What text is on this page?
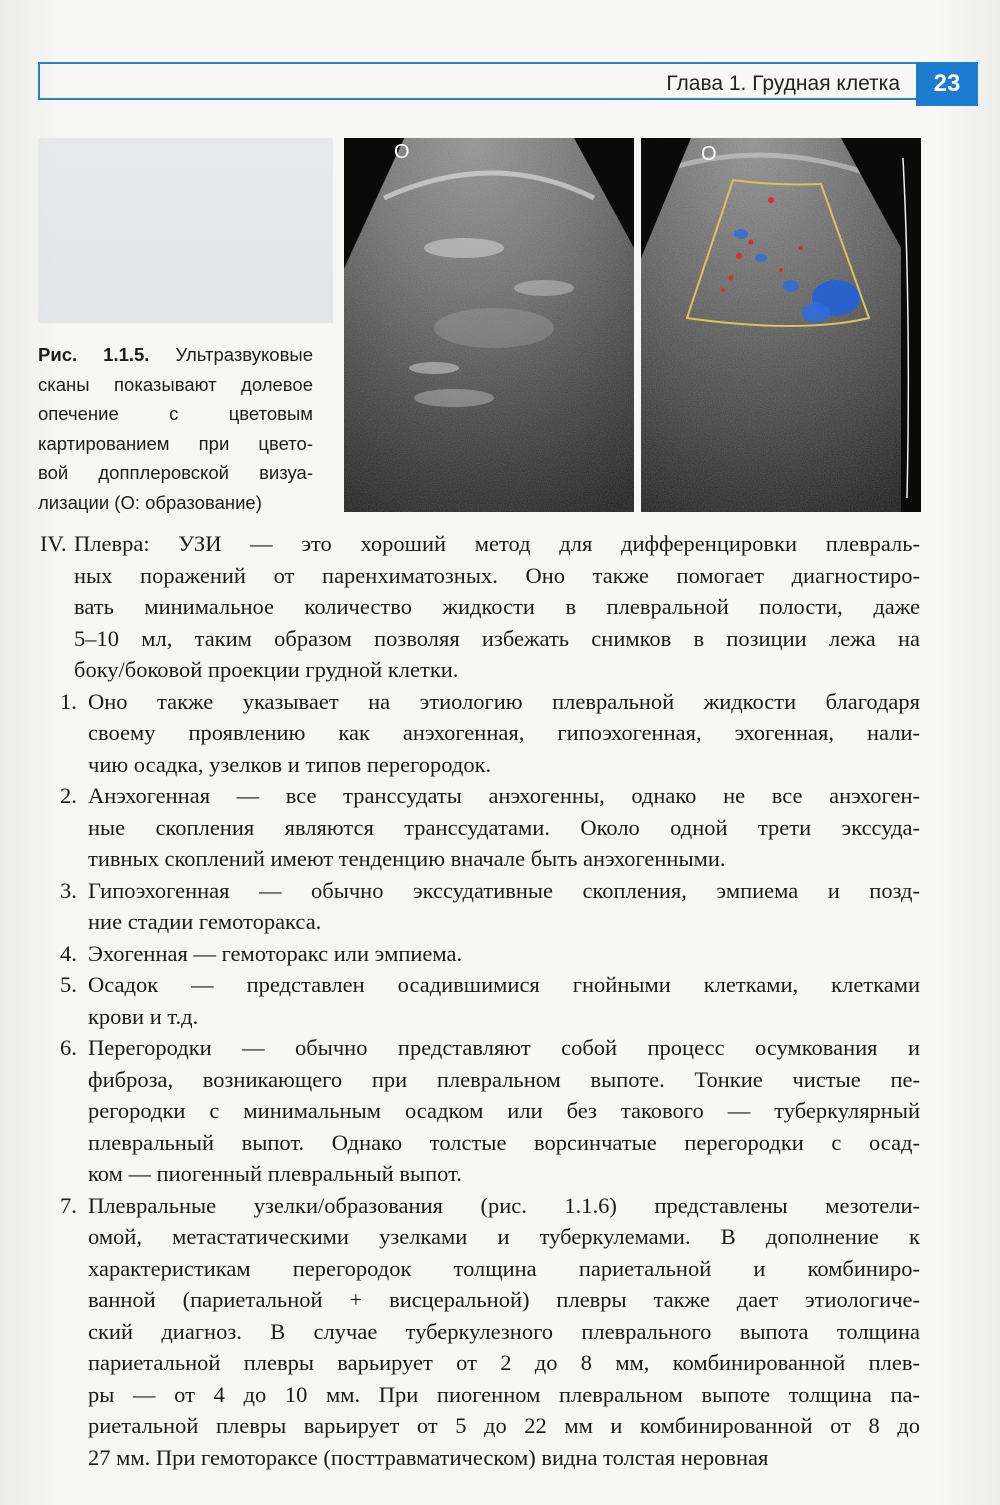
Глава 1. Грудная клетка	23
Рис. 1.1.5. Ультразвуковые
сканы показывают долевое
опечение с цветовым
картированием при цвето-
вой допплеровской визуа-
лизации (О: образование)
O	O
IV. Плевра: УЗИ — это хороший метод для дифференцировки плевраль-
ных поражений от паренхиматозных. Оно также помогает диагностиро-
вать минимальное количество жидкости в плевральной полости, даже
5–10 мл, таким образом позволяя избежать снимков в позиции лежа на
боку/боковой проекции грудной клетки.
1. Оно также указывает на этиологию плевральной жидкости благодаря
своему проявлению как анэхогенная, гипоэхогенная, эхогенная, нали-
чию осадка, узелков и типов перегородок.
2. Анэхогенная — все транссудаты анэхогенны, однако не все анэхоген-
ные скопления являются транссудатами. Около одной трети экссуда-
тивных скоплений имеют тенденцию вначале быть анэхогенными.
3. Гипоэхогенная — обычно экссудативные скопления, эмпиема и позд-
ние стадии гемоторакса.
4. Эхогенная — гемоторакс или эмпиема.
5. Осадок — представлен осадившимися гнойными клетками, клетками
крови и т.д.
6. Перегородки — обычно представляют собой процесс осумкования и
фиброза, возникающего при плевральном выпоте. Тонкие чистые пе-
регородки с минимальным осадком или без такового — туберкулярный
плевральный выпот. Однако толстые ворсинчатые перегородки с осад-
ком — пиогенный плевральный выпот.
7. Плевральные узелки/образования (рис. 1.1.6) представлены мезотели-
омой, метастатическими узелками и туберкулемами. В дополнение к
характеристикам перегородок толщина париетальной и комбиниро-
ванной (париетальной + висцеральной) плевры также дает этиологиче-
ский диагноз. В случае туберкулезного плеврального выпота толщина
париетальной плевры варьирует от 2 до 8 мм, комбинированной плев-
ры — от 4 до 10 мм. При пиогенном плевральном выпоте толщина па-
риетальной плевры варьирует от 5 до 22 мм и комбинированной от 8 до
27 мм. При гемотораксе (посттравматическом) видна толстая неровная
